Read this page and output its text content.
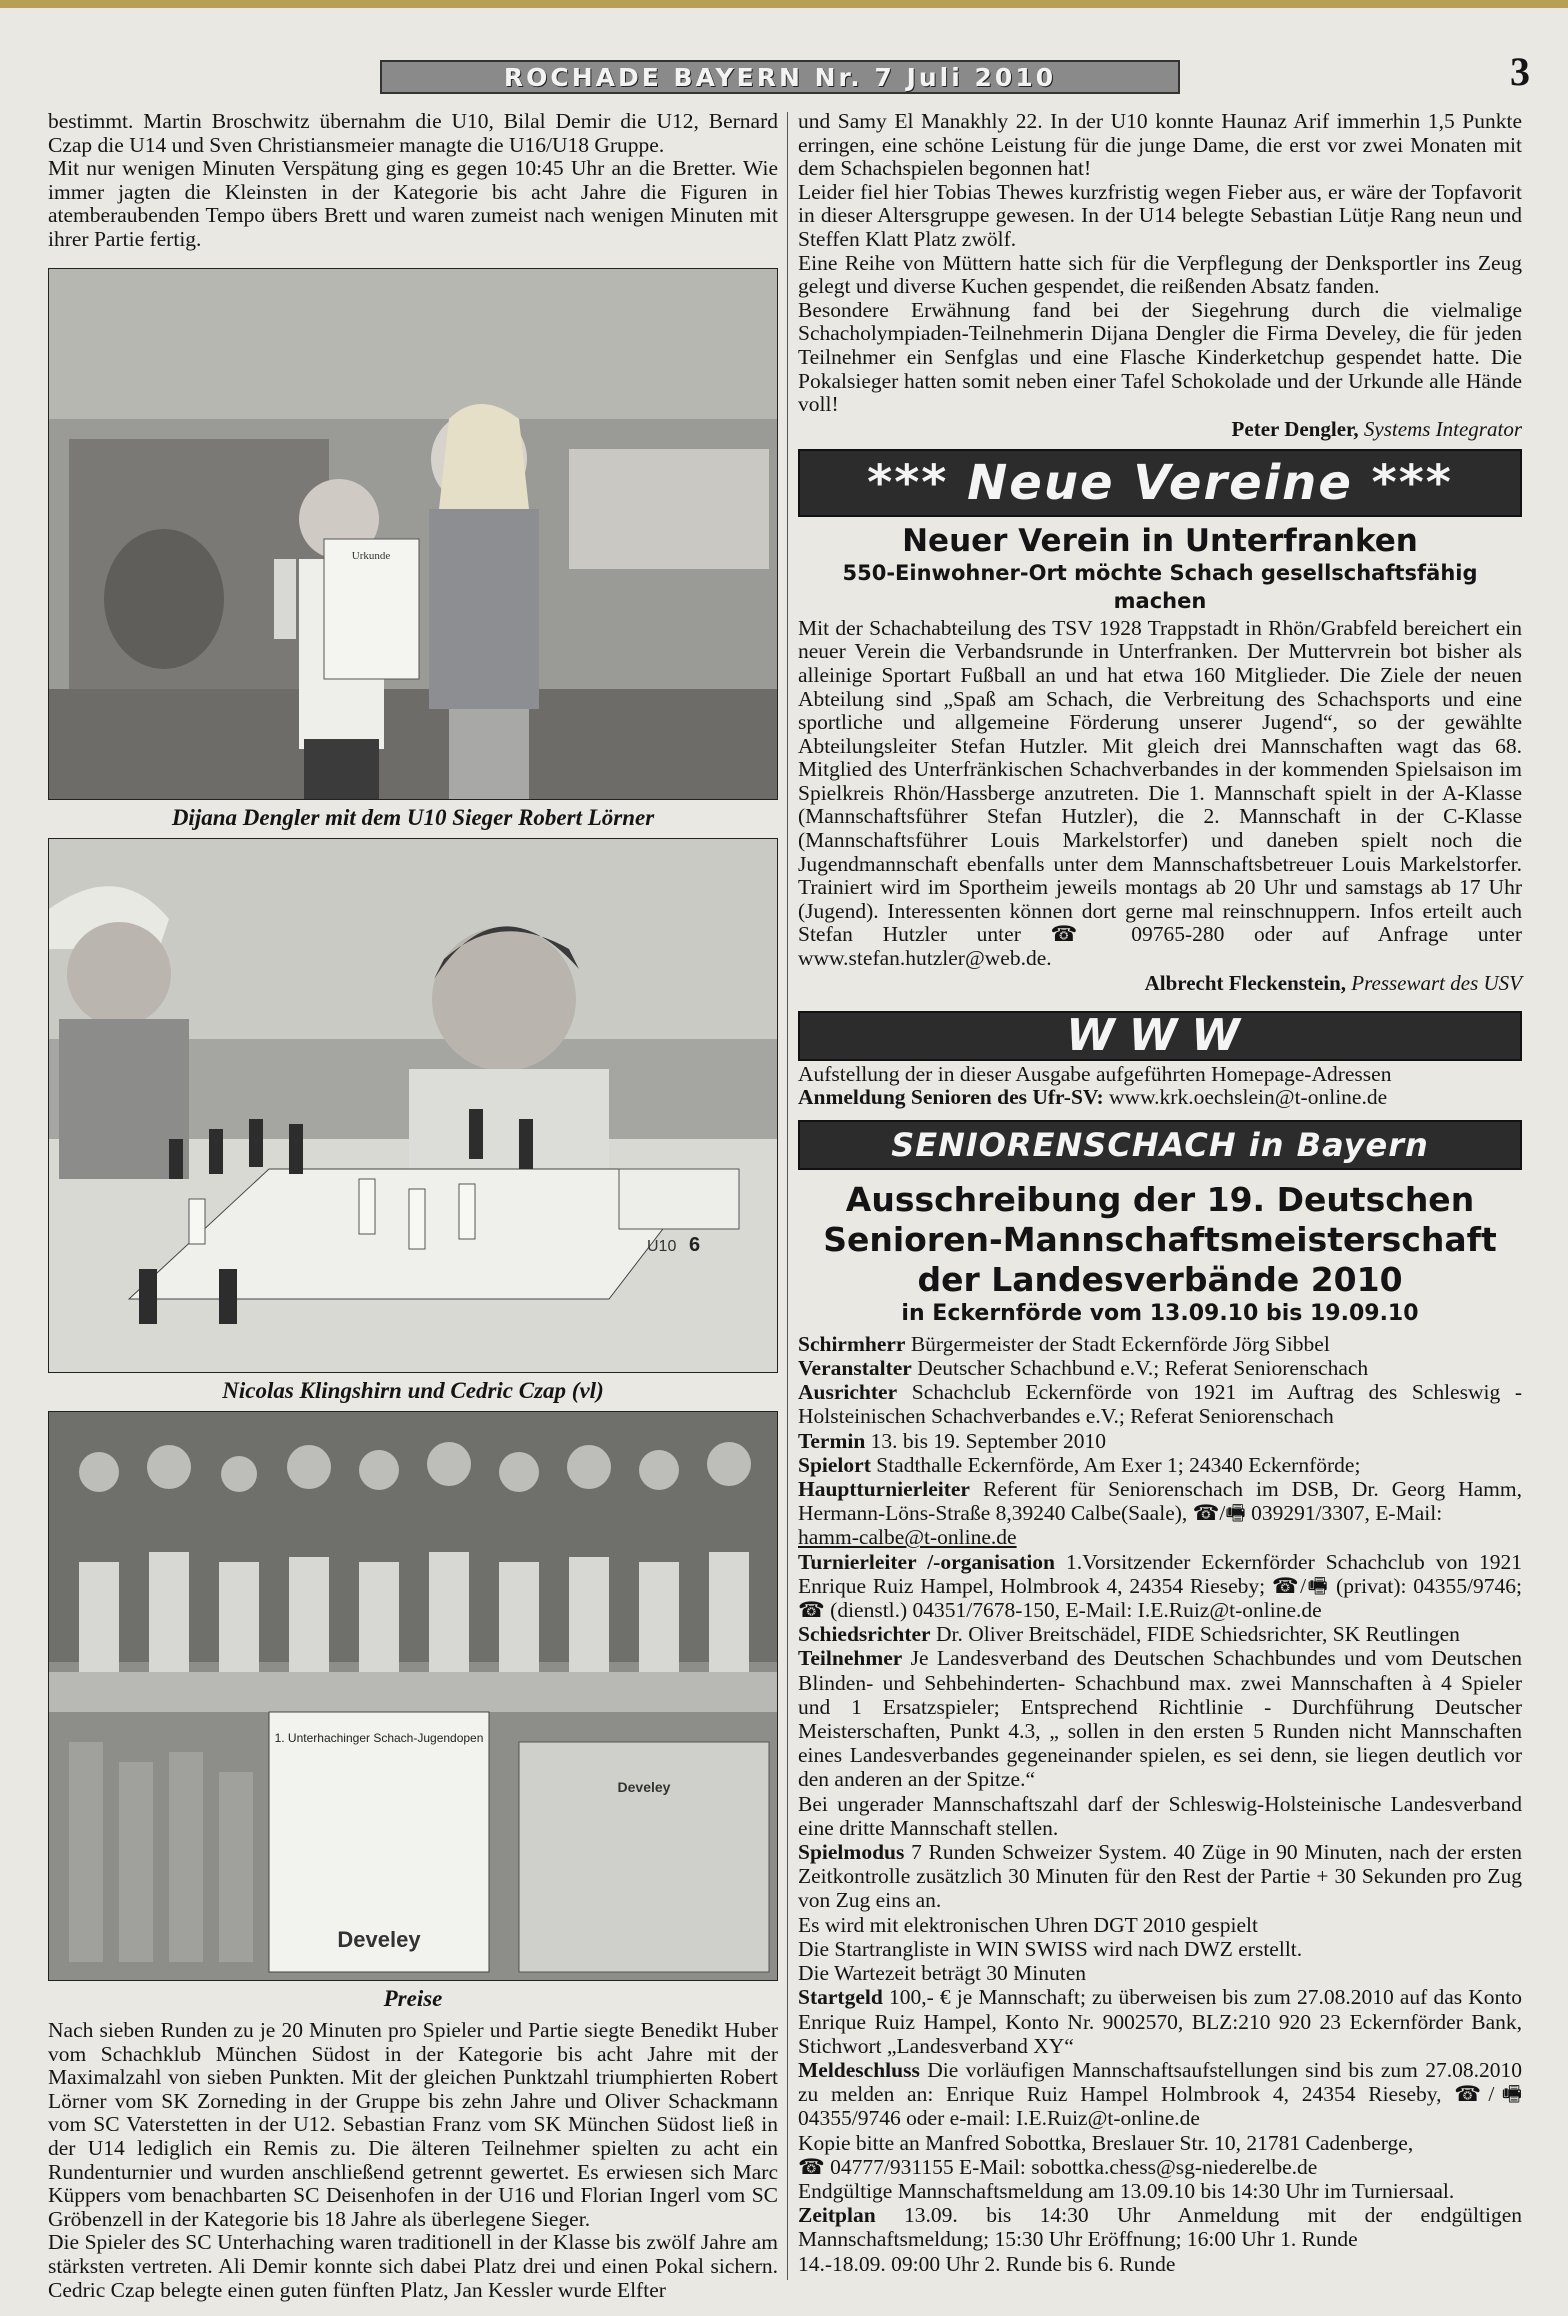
ROCHADE BAYERN Nr. 7 Juli 2010	3

bestimmt. Martin Broschwitz übernahm die U10, Bilal Demir die U12, Bernard Czap die U14 und Sven Christiansmeier managte die U16/U18 Gruppe.

Mit nur wenigen Minuten Verspätung ging es gegen 10:45 Uhr an die Bretter. Wie immer jagten die Kleinsten in der Kategorie bis acht Jahre die Figuren in atemberaubenden Tempo übers Brett und waren zumeist nach wenigen Minuten mit ihrer Partie fertig.

Urkunde
Dijana Dengler mit dem U10 Sieger Robert Lörner
U10 6
Nicolas Klingshirn und Cedric Czap (vl)
1. Unterhachinger Schach-Jugendopen
Develey
Develey
Preise

Nach sieben Runden zu je 20 Minuten pro Spieler und Partie siegte Benedikt Huber vom Schachklub München Südost in der Kategorie bis acht Jahre mit der Maximalzahl von sieben Punkten. Mit der gleichen Punktzahl triumphierten Robert Lörner vom SK Zorneding in der Gruppe bis zehn Jahre und Oliver Schackmann vom SC Vaterstetten in der U12. Sebastian Franz vom SK München Südost ließ in der U14 lediglich ein Remis zu. Die älteren Teilnehmer spielten zu acht ein Rundenturnier und wurden anschließend getrennt gewertet. Es erwiesen sich Marc Küppers vom benachbarten SC Deisenhofen in der U16 und Florian Ingerl vom SC Gröbenzell in der Kategorie bis 18 Jahre als überlegene Sieger.

Die Spieler des SC Unterhaching waren traditionell in der Klasse bis zwölf Jahre am stärksten vertreten. Ali Demir konnte sich dabei Platz drei und einen Pokal sichern. Cedric Czap belegte einen guten fünften Platz, Jan Kessler wurde Elfter

und Samy El Manakhly 22. In der U10 konnte Haunaz Arif immerhin 1,5 Punkte erringen, eine schöne Leistung für die junge Dame, die erst vor zwei Monaten mit dem Schachspielen begonnen hat!

Leider fiel hier Tobias Thewes kurzfristig wegen Fieber aus, er wäre der Topfavorit in dieser Altersgruppe gewesen. In der U14 belegte Sebastian Lütje Rang neun und Steffen Klatt Platz zwölf.

Eine Reihe von Müttern hatte sich für die Verpflegung der Denksportler ins Zeug gelegt und diverse Kuchen gespendet, die reißenden Absatz fanden.

Besondere Erwähnung fand bei der Siegehrung durch die vielmalige Schacholympiaden-Teilnehmerin Dijana Dengler die Firma Develey, die für jeden Teilnehmer ein Senfglas und eine Flasche Kinderketchup gespendet hatte. Die Pokalsieger hatten somit neben einer Tafel Schokolade und der Urkunde alle Hände voll!

Peter Dengler, Systems Integrator
*** Neue Vereine ***
Neuer Verein in Unterfranken
550-Einwohner-Ort möchte Schach gesellschaftsfähig machen
Mit der Schachabteilung des TSV 1928 Trappstadt in Rhön/Grabfeld bereichert ein neuer Verein die Verbandsrunde in Unterfranken. Der Muttervrein bot bisher als alleinige Sportart Fußball an und hat etwa 160 Mitglieder. Die Ziele der neuen Abteilung sind „Spaß am Schach, die Verbreitung des Schachsports und eine sportliche und allgemeine Förderung unserer Jugend“, so der gewählte Abteilungsleiter Stefan Hutzler. Mit gleich drei Mannschaften wagt das 68. Mitglied des Unterfränkischen Schachverbandes in der kommenden Spielsaison im Spielkreis Rhön/Hassberge anzutreten. Die 1. Mannschaft spielt in der A-Klasse (Mannschaftsführer Stefan Hutzler), die 2. Mannschaft in der C-Klasse (Mannschaftsführer Louis Markelstorfer) und daneben spielt noch die Jugendmannschaft ebenfalls unter dem Mannschaftsbetreuer Louis Markelstorfer. Trainiert wird im Sportheim jeweils montags ab 20 Uhr und samstags ab 17 Uhr (Jugend). Interessenten können dort gerne mal reinschnuppern. Infos erteilt auch Stefan Hutzler unter ☎ 09765-280 oder auf Anfrage unter www.stefan.hutzler@web.de.
Albrecht Fleckenstein, Pressewart des USV
WWW

Aufstellung der in dieser Ausgabe aufgeführten Homepage-Adressen

Anmeldung Senioren des Ufr-SV: www.krk.oechslein@t-online.de

SENIORENSCHACH in Bayern
Ausschreibung der 19. Deutschen
Senioren-Mannschaftsmeisterschaft
der Landesverbände 2010
in Eckernförde vom 13.09.10 bis 19.09.10

Schirmherr Bürgermeister der Stadt Eckernförde Jörg Sibbel

Veranstalter Deutscher Schachbund e.V.; Referat Seniorenschach

Ausrichter Schachclub Eckernförde von 1921 im Auftrag des Schleswig - Holsteinischen Schachverbandes e.V.; Referat Seniorenschach

Termin 13. bis 19. September 2010

Spielort Stadthalle Eckernförde, Am Exer 1; 24340 Eckernförde;

Hauptturnierleiter Referent für Seniorenschach im DSB, Dr. Georg Hamm, Hermann-Löns-Straße 8,39240 Calbe(Saale), ☎/🖷 039291/3307, E-Mail:

hamm-calbe@t-online.de

Turnierleiter /-organisation 1.Vorsitzender Eckernförder Schachclub von 1921 Enrique Ruiz Hampel, Holmbrook 4, 24354 Rieseby; ☎/🖷 (privat): 04355/9746; ☎ (dienstl.) 04351/7678-150, E-Mail: I.E.Ruiz@t-online.de

Schiedsrichter Dr. Oliver Breitschädel, FIDE Schiedsrichter, SK Reutlingen

Teilnehmer Je Landesverband des Deutschen Schachbundes und vom Deutschen Blinden- und Sehbehinderten- Schachbund max. zwei Mannschaften à 4 Spieler und 1 Ersatzspieler; Entsprechend Richtlinie - Durchführung Deutscher Meisterschaften, Punkt 4.3, „ sollen in den ersten 5 Runden nicht Mannschaften eines Landesverbandes gegeneinander spielen, es sei denn, sie liegen deutlich vor den anderen an der Spitze.“

Bei ungerader Mannschaftszahl darf der Schleswig-Holsteinische Landesverband eine dritte Mannschaft stellen.

Spielmodus 7 Runden Schweizer System. 40 Züge in 90 Minuten, nach der ersten Zeitkontrolle zusätzlich 30 Minuten für den Rest der Partie + 30 Sekunden pro Zug von Zug eins an.

Es wird mit elektronischen Uhren DGT 2010 gespielt

Die Startrangliste in WIN SWISS wird nach DWZ erstellt.

Die Wartezeit beträgt 30 Minuten

Startgeld 100,- € je Mannschaft; zu überweisen bis zum 27.08.2010 auf das Konto Enrique Ruiz Hampel, Konto Nr. 9002570, BLZ:210 920 23 Eckernförder Bank, Stichwort „Landesverband XY“

Meldeschluss Die vorläufigen Mannschaftsaufstellungen sind bis zum 27.08.2010 zu melden an: Enrique Ruiz Hampel Holmbrook 4, 24354 Rieseby, ☎/🖷 04355/9746 oder e-mail: I.E.Ruiz@t-online.de

Kopie bitte an Manfred Sobottka, Breslauer Str. 10, 21781 Cadenberge,

☎ 04777/931155 E-Mail: sobottka.chess@sg-niederelbe.de

Endgültige Mannschaftsmeldung am 13.09.10 bis 14:30 Uhr im Turniersaal.

Zeitplan 13.09. bis 14:30 Uhr Anmeldung mit der endgültigen Mannschaftsmeldung; 15:30 Uhr Eröffnung; 16:00 Uhr 1. Runde

14.-18.09. 09:00 Uhr 2. Runde bis 6. Runde
